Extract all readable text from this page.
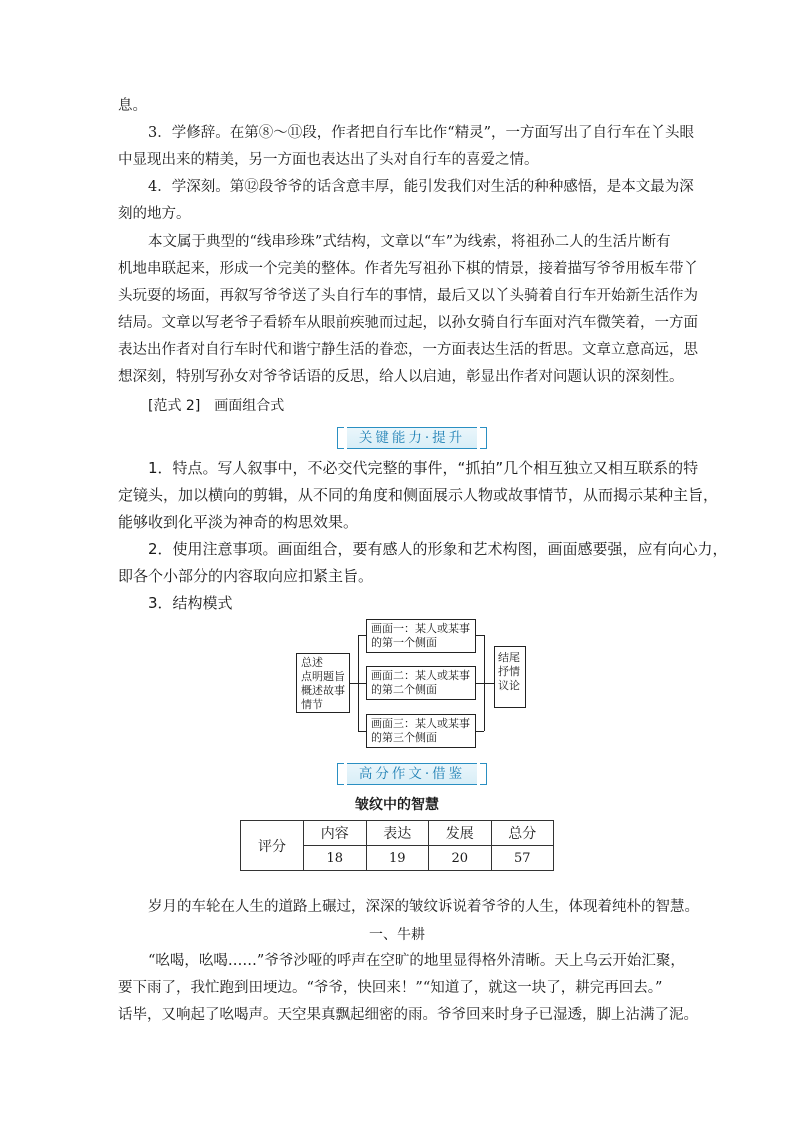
息。
3．学修辞。在第⑧～⑪段，作者把自行车比作“精灵”，一方面写出了自行车在丫头眼
中显现出来的精美，另一方面也表达出了头对自行车的喜爱之情。
4．学深刻。第⑫段爷爷的话含意丰厚，能引发我们对生活的种种感悟，是本文最为深
刻的地方。
本文属于典型的“线串珍珠”式结构，文章以“车”为线索，将祖孙二人的生活片断有
机地串联起来，形成一个完美的整体。作者先写祖孙下棋的情景，接着描写爷爷用板车带丫
头玩耍的场面，再叙写爷爷送了头自行车的事情，最后又以丫头骑着自行车开始新生活作为
结局。文章以写老爷子看轿车从眼前疾驰而过起，以孙女骑自行车面对汽车微笑着，一方面
表达出作者对自行车时代和谐宁静生活的眷恋，一方面表达生活的哲思。文章立意高远，思
想深刻，特别写孙女对爷爷话语的反思，给人以启迪，彰显出作者对问题认识的深刻性。
[范式 2]　画面组合式
关键能力·提升
1．特点。写人叙事中，不必交代完整的事件，“抓拍”几个相互独立又相互联系的特
定镜头，加以横向的剪辑，从不同的角度和侧面展示人物或故事情节，从而揭示某种主旨，
能够收到化平淡为神奇的构思效果。
2．使用注意事项。画面组合，要有感人的形象和艺术构图，画面感要强，应有向心力，
即各个小部分的内容取向应扣紧主旨。
3．结构模式
总述
点明题旨
概述故事
情节
画面一：某人或某事
的第一个侧面
画面二：某人或某事
的第二个侧面
画面三：某人或某事
的第三个侧面
结尾
抒情
议论
高分作文·借鉴
皱纹中的智慧
评分	内容	表达	发展	总分
	18	19	20	57
岁月的车轮在人生的道路上碾过，深深的皱纹诉说着爷爷的人生，体现着纯朴的智慧。
一、牛耕
“吆喝，吆喝……”爷爷沙哑的呼声在空旷的地里显得格外清晰。天上乌云开始汇聚，
要下雨了，我忙跑到田埂边。“爷爷，快回来！”“知道了，就这一块了，耕完再回去。”
话毕，又响起了吆喝声。天空果真飘起细密的雨。爷爷回来时身子已湿透，脚上沾满了泥。
